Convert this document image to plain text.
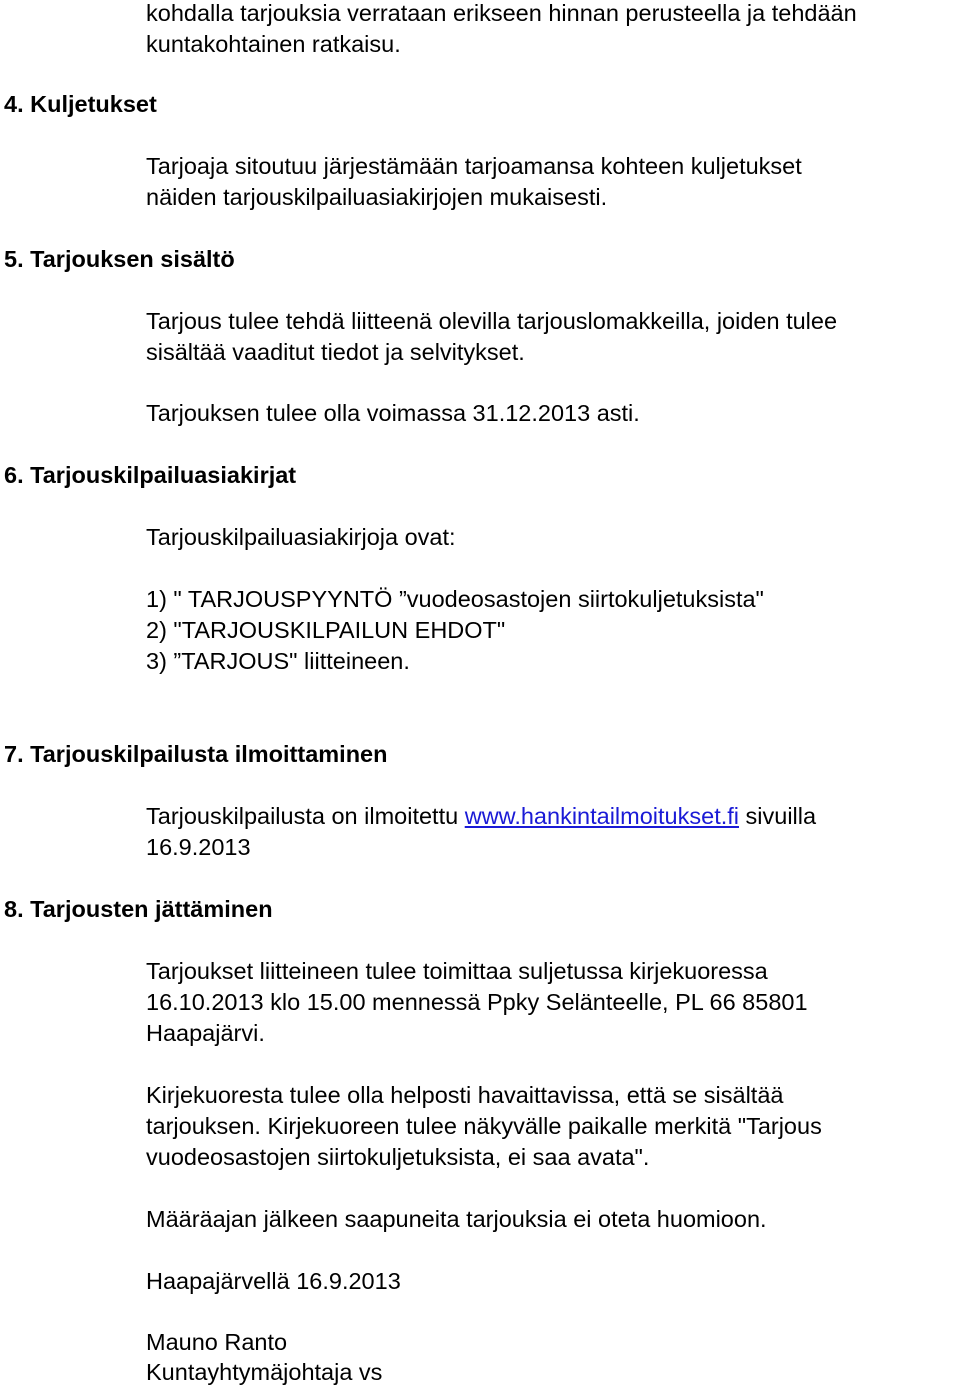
kohdalla tarjouksia verrataan erikseen hinnan perusteella ja tehdään

kuntakohtainen ratkaisu.

4. Kuljetukset

Tarjoaja sitoutuu järjestämään tarjoamansa kohteen kuljetukset

näiden tarjouskilpailuasiakirjojen mukaisesti.

5. Tarjouksen sisältö

Tarjous tulee tehdä liitteenä olevilla tarjouslomakkeilla, joiden tulee

sisältää vaaditut tiedot ja selvitykset.

Tarjouksen tulee olla voimassa 31.12.2013 asti.

6. Tarjouskilpailuasiakirjat

Tarjouskilpailuasiakirjoja ovat:

1) " TARJOUSPYYNTÖ ”vuodeosastojen siirtokuljetuksista"

2) "TARJOUSKILPAILUN EHDOT"

3) ”TARJOUS" liitteineen.

7. Tarjouskilpailusta ilmoittaminen

Tarjouskilpailusta on ilmoitettu www.hankintailmoitukset.fi sivuilla

16.9.2013

8. Tarjousten jättäminen

Tarjoukset liitteineen tulee toimittaa suljetussa kirjekuoressa

16.10.2013 klo 15.00 mennessä Ppky Selänteelle, PL 66 85801

Haapajärvi.

Kirjekuoresta tulee olla helposti havaittavissa, että se sisältää

tarjouksen. Kirjekuoreen tulee näkyvälle paikalle merkitä "Tarjous

vuodeosastojen siirtokuljetuksista, ei saa avata".

Määräajan jälkeen saapuneita tarjouksia ei oteta huomioon.

Haapajärvellä 16.9.2013

Mauno Ranto

Kuntayhtymäjohtaja vs
